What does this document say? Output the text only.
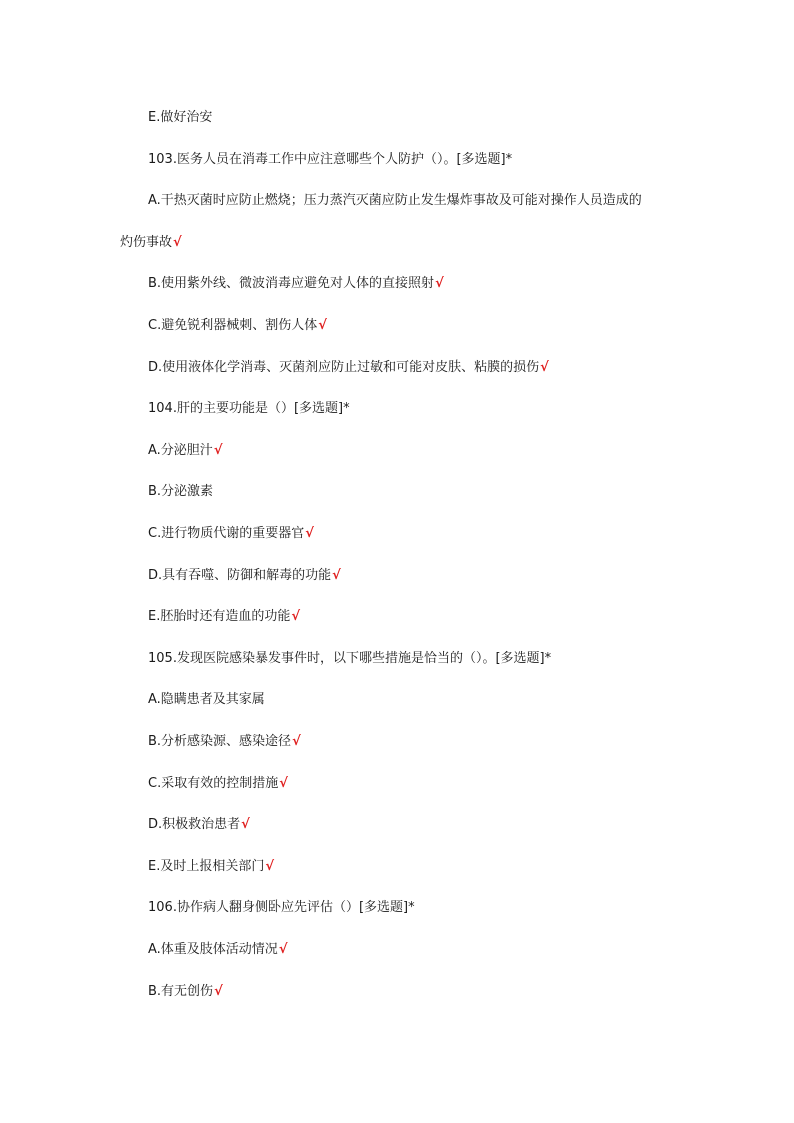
E.做好治安
103.医务人员在消毒工作中应注意哪些个人防护（）。[多选题]*
A.干热灭菌时应防止燃烧；压力蒸汽灭菌应防止发生爆炸事故及可能对操作人员造成的
灼伤事故√
B.使用紫外线、微波消毒应避免对人体的直接照射√
C.避免锐利器械刺、割伤人体√
D.使用液体化学消毒、灭菌剂应防止过敏和可能对皮肤、粘膜的损伤√
104.肝的主要功能是（）[多选题]*
A.分泌胆汁√
B.分泌激素
C.进行物质代谢的重要器官√
D.具有吞噬、防御和解毒的功能√
E.胚胎时还有造血的功能√
105.发现医院感染暴发事件时，以下哪些措施是恰当的（）。[多选题]*
A.隐瞒患者及其家属
B.分析感染源、感染途径√
C.采取有效的控制措施√
D.积极救治患者√
E.及时上报相关部门√
106.协作病人翻身侧卧应先评估（）[多选题]*
A.体重及肢体活动情况√
B.有无创伤√
